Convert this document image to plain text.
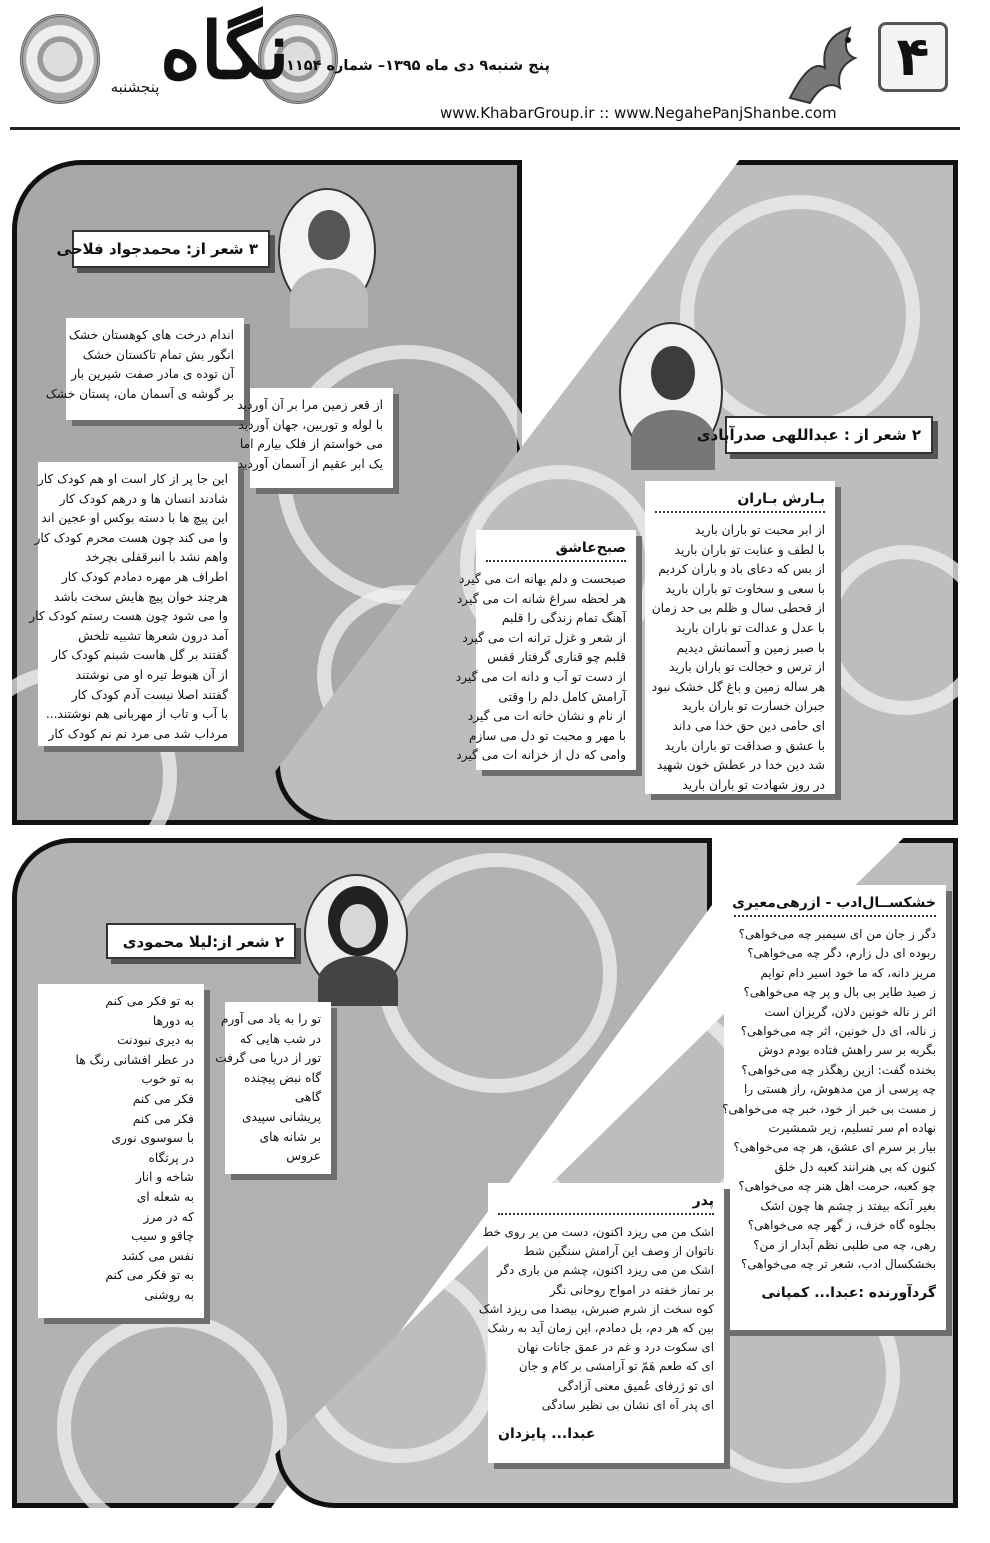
نگاه
پنجشنبه
پنج شنبه۹ دی ماه ۱۳۹۵– شماره ۱۱۵۴
www.KhabarGroup.ir :: www.NegahePanjShanbe.com
۴
۳ شعر از: محمدجواد فلاحی
اندام درخت های کوهستان خشک
انگور بش تمام تاکستان خشک
آن توده ی مادر صفت شیرین بار
بر گوشه ی آسمان مان، پستان خشک
از قعر زمین مرا بر آن آوردید
با لوله و توربین، جهان آوردید
می خواستم از فلک بیارم اما
یک ابر عقیم از آسمان آوردید
این جا پر از کار است او هم کودک کار
شادند انسان ها و درهم کودک کار
این پیچ ها با دسته بوکس او عجین اند
وا می کند چون هست محرم کودک کار
واهم نشد با انبرقفلی بچرخد
اطراف هر مهره دمادم کودک کار
هرچند خوان پیچ هایش سخت باشد
وا می شود چون هست رستم کودک کار
آمد درون شعرها تشبیه تلخش
گفتند بر گل هاست شبنم کودک کار
از آن هبوط تیره او می نوشتند
گفتند اصلا نیست آدم کودک کار
با آب و تاب از مهربانی هم نوشتند...
مرداب شد می مرد نم نم کودک کار
۲ شعر از : عبداللهی صدرآبادی
بـارش بـاران
از ابر محبت تو باران بارید
با لطف و عنایت تو باران بارید
از بس که دعای باد و باران کردیم
با سعی و سخاوت تو باران بارید
از قحطی سال و ظلم بی حد زمان
با عدل و عدالت تو باران بارید
با صبر زمین و آسمانش دیدیم
از ترس و خجالت تو باران بارید
هر ساله زمین و باغ گل خشک نبود
جبران خسارت تو باران بارید
ای حامی دین حق خدا می داند
با عشق و صداقت تو باران بارید
شد دین خدا در عطش خون شهید
در روز شهادت تو باران بارید
صبح‌عاشق
صبحست و دلم بهانه ات می گیرد
هر لحظه سراغ شانه ات می گیرد
آهنگ تمام زندگی را قلبم
از شعر و غزل ترانه ات می گیرد
قلبم چو قناری گرفتار قفس
از دست تو آب و دانه ات می گیرد
آرامش کامل دلم را وقتی
از نام و نشان خانه ات می گیرد
با مهر و محبت تو دل می سازم
وامی که دل از خزانه ات می گیرد
۲ شعر از:لیلا محمودی
تو را به یاد می آورم
در شب هایی که
تور از دریا می گرفت
گاه نبض پیچنده
گاهی
پریشانی سپیدی
بر شانه های
عروس
به تو فکر می کنم
به دورها
به دیری نبودنت
در عطر افشانی رنگ ها
به تو خوب
فکر می کنم
فکر می کنم
با سوسوی نوری
در پرتگاه
شاخه و انار
به شعله ای
که در مرز
چاقو و سیب
نفس می کشد
به تو فکر می کنم
به روشنی
خشکســال‌ادب - ازرهی‌معیری
دگر ز جان من ای سیمبر چه می‌خواهی؟
ربوده ای دل زارم، دگر چه می‌خواهی؟
مریز دانه، که ما خود اسیر دام توایم
ز صید طایر بی بال و پر چه می‌خواهی؟
اثر ز ناله خونین دلان، گریزان است
ز ناله، ای دل خونین، اثر چه می‌خواهی؟
بگریه بر سر راهش فتاده بودم دوش
بخنده گفت: ازین رهگذر چه می‌خواهی؟
چه پرسی از من مدهوش، راز هستی را
ز مست بی خبر از خود، خبر چه می‌خواهی؟
نهاده ام سر تسلیم، زیر شمشیرت
بیار بر سرم ای عشق، هر چه می‌خواهی؟
کنون که بی هنرانند کعبه دل خلق
چو کعبه، حرمت اهل هنر چه می‌خواهی؟
بغیر آنکه بیفتد ز چشم ها چون اشک
بجلوه گاه خزف، ز گهر چه می‌خواهی؟
رهی، چه می طلبی نظم آبدار از من؟
بخشکسال ادب، شعر تر چه می‌خواهی؟
گردآورنده :عبدا... کمپانی
پدر
اشک من می ریزد اکنون، دست من بر روی خط
ناتوان از وصف این آرامش سنگین شط
اشک من می ریزد اکنون، چشم من باری دگر
بر نماز خفته در امواج روحانی نگر
کوه سخت از شرم صبرش، بیصدا می ریزد اشک
بین که هر دم، بل دمادم، این زمان آید به رشک
ای سکوت درد و غم در عمق جانات نهان
ای که طعم هَمّ تو آرامشی بر کام و جان
ای تو ژرفای عُمیق معنی آزادگی
ای پدر آه ای نشان بی نظیر سادگی
عبدا... پایزدان
